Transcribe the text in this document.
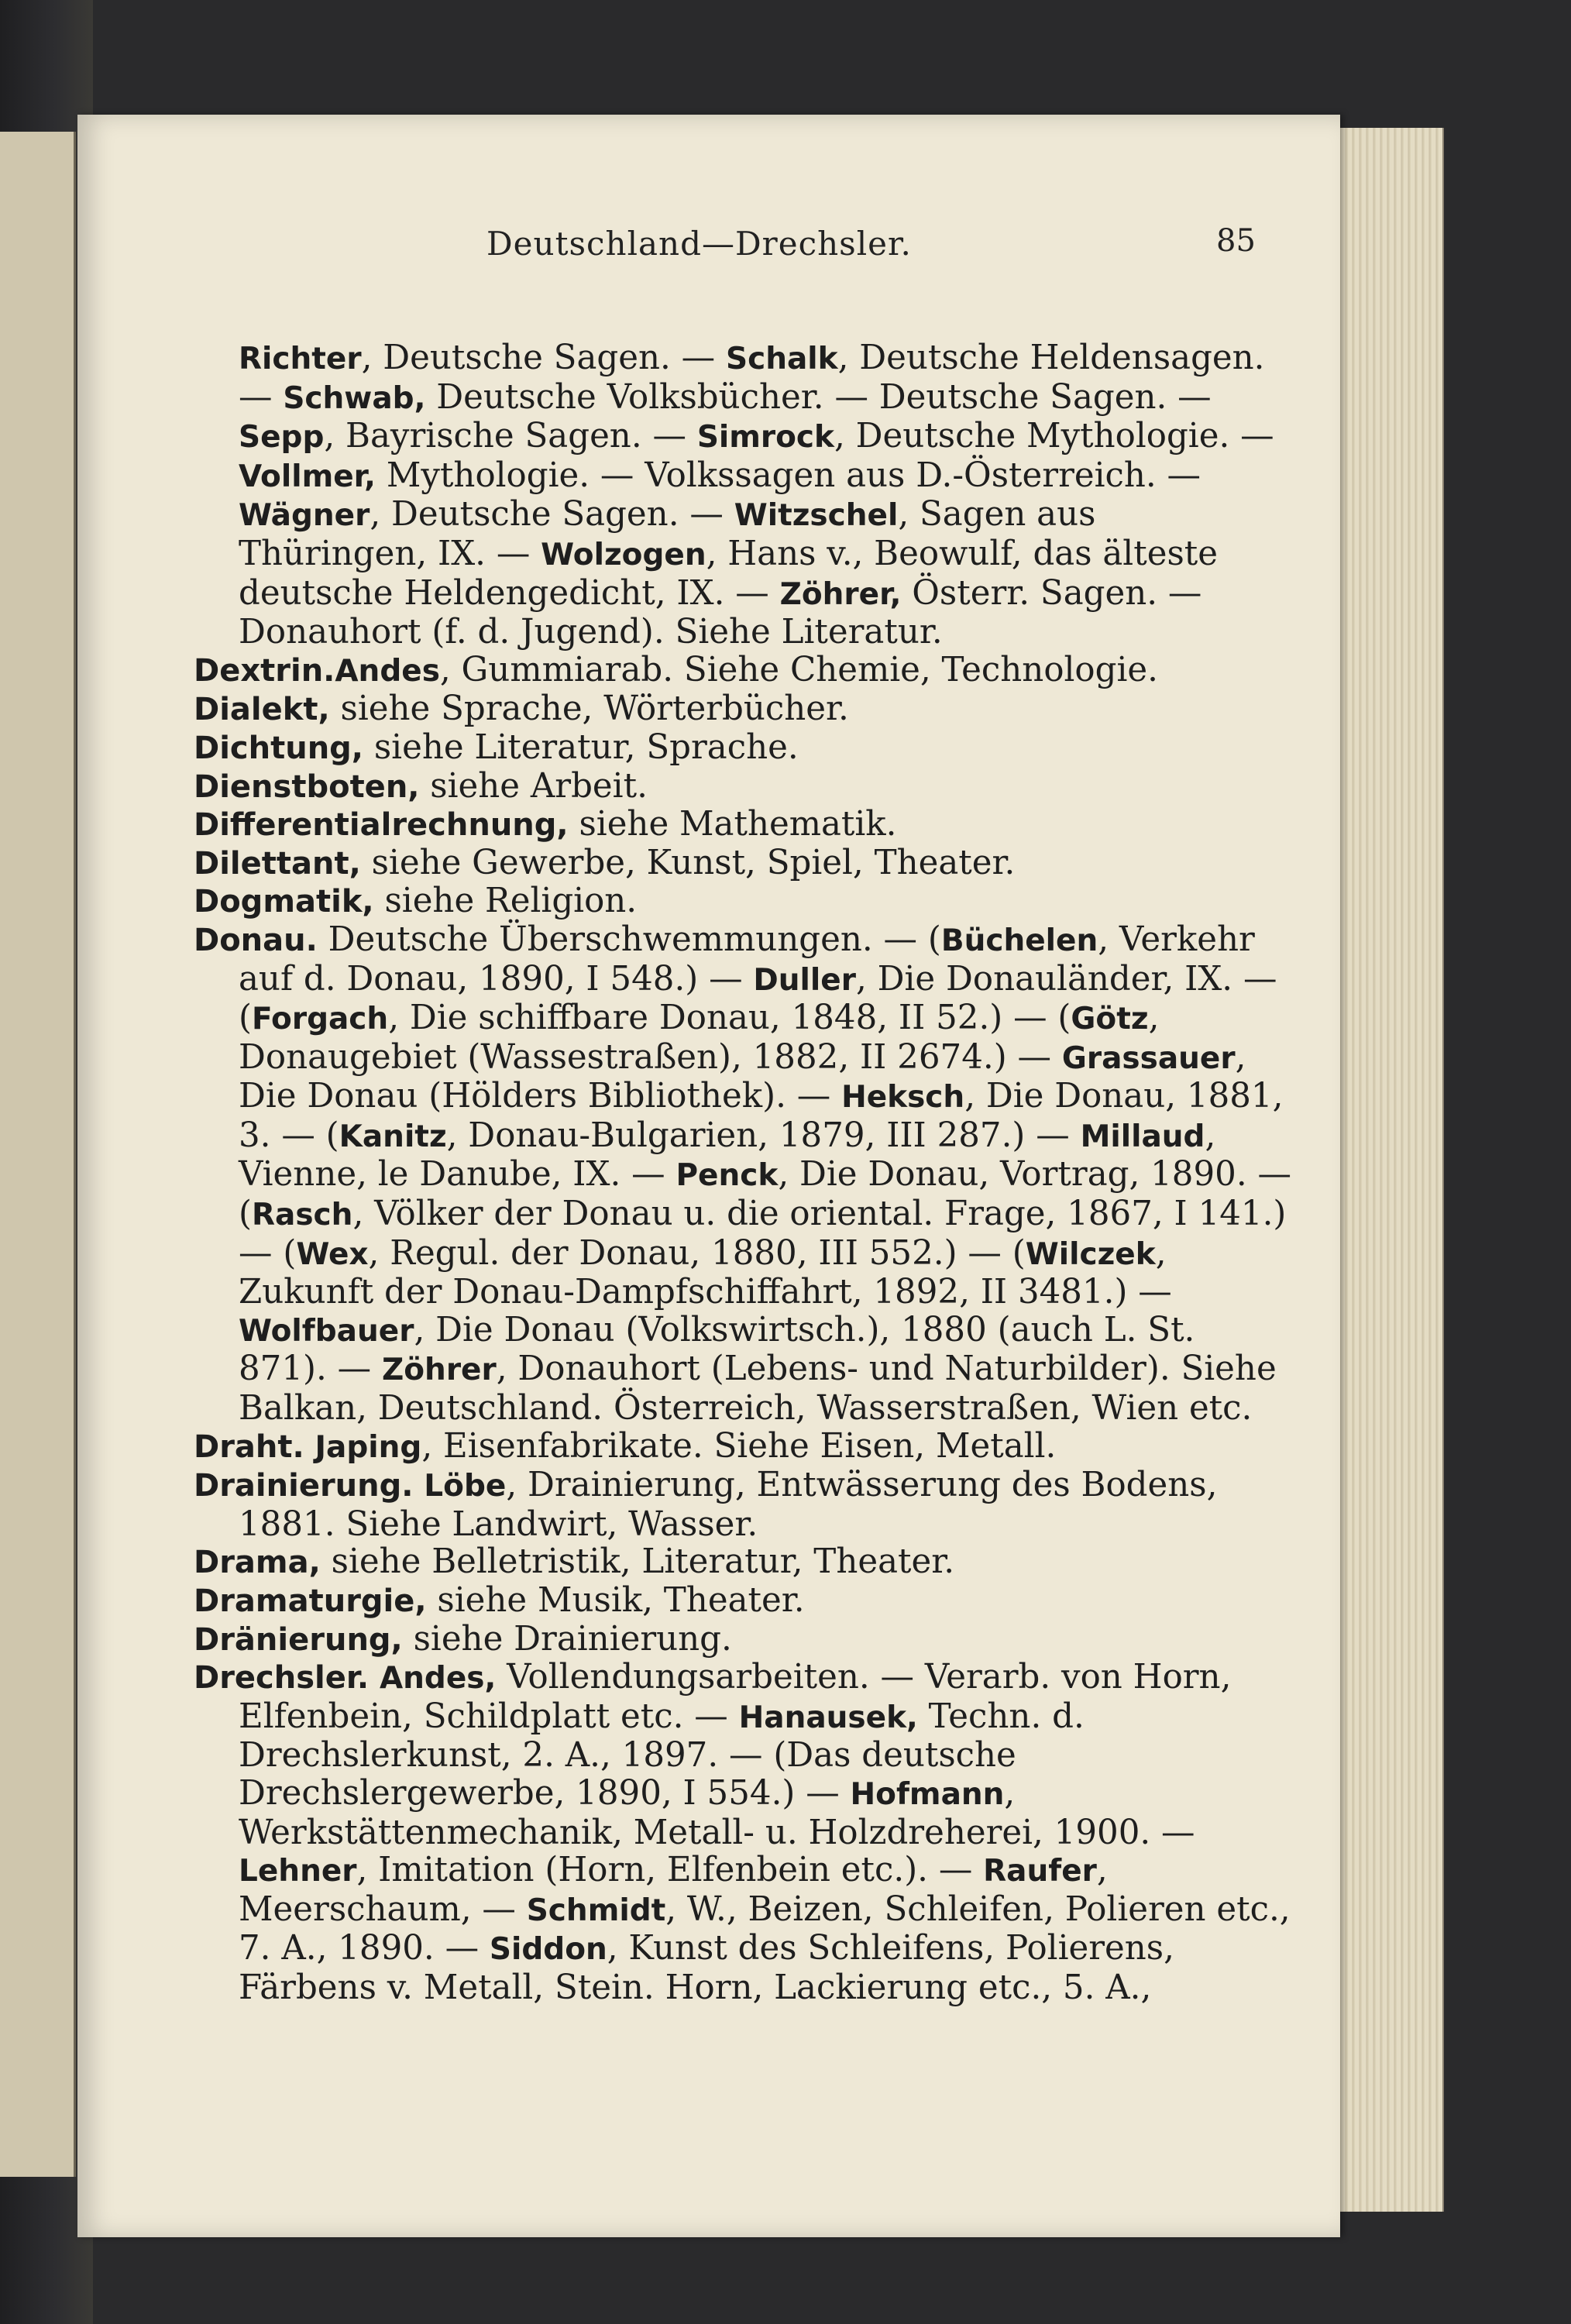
Deutschland—Drechsler.	85

Richter, Deutsche Sagen. — Schalk, Deutsche Heldensagen. — Schwab, Deutsche Volksbücher. — Deutsche Sagen. — Sepp, Bayrische Sagen. — Simrock, Deutsche Mythologie. — Vollmer, Mythologie. — Volkssagen aus D.-Österreich. — Wägner, Deutsche Sagen. — Witzschel, Sagen aus Thüringen, IX. — Wolzogen, Hans v., Beowulf, das älteste deutsche Heldengedicht, IX. — Zöhrer, Österr. Sagen. — Donauhort (f. d. Jugend). Siehe Literatur.

Dextrin.Andes, Gummiarab. Siehe Chemie, Technologie.

Dialekt, siehe Sprache, Wörterbücher.

Dichtung, siehe Literatur, Sprache.

Dienstboten, siehe Arbeit.

Differentialrechnung, siehe Mathematik.

Dilettant, siehe Gewerbe, Kunst, Spiel, Theater.

Dogmatik, siehe Religion.

Donau. Deutsche Überschwemmungen. — (Büchelen, Verkehr auf d. Donau, 1890, I 548.) — Duller, Die Donauländer, IX. — (Forgach, Die schiffbare Donau, 1848, II 52.) — (Götz, Donaugebiet (Wassestraßen), 1882, II 2674.) — Grassauer, Die Donau (Hölders Bibliothek). — Heksch, Die Donau, 1881, 3. — (Kanitz, Donau-Bulgarien, 1879, III 287.) — Millaud, Vienne, le Danube, IX. — Penck, Die Donau, Vortrag, 1890. — (Rasch, Völker der Donau u. die oriental. Frage, 1867, I 141.) — (Wex, Regul. der Donau, 1880, III 552.) — (Wilczek, Zukunft der Donau-Dampfschiffahrt, 1892, II 3481.) — Wolfbauer, Die Donau (Volkswirtsch.), 1880 (auch L. St. 871). — Zöhrer, Donauhort (Lebens- und Naturbilder). Siehe Balkan, Deutschland. Österreich, Wasserstraßen, Wien etc.

Draht. Japing, Eisenfabrikate. Siehe Eisen, Metall.

Drainierung. Löbe, Drainierung, Entwässerung des Bodens, 1881. Siehe Landwirt, Wasser.

Drama, siehe Belletristik, Literatur, Theater.

Dramaturgie, siehe Musik, Theater.

Dränierung, siehe Drainierung.

Drechsler. Andes, Vollendungsarbeiten. — Verarb. von Horn, Elfenbein, Schildplatt etc. — Hanausek, Techn. d. Drechslerkunst, 2. A., 1897. — (Das deutsche Drechslergewerbe, 1890, I 554.) — Hofmann, Werkstättenmechanik, Metall- u. Holzdreherei, 1900. — Lehner, Imitation (Horn, Elfenbein etc.). — Raufer, Meerschaum, — Schmidt, W., Beizen, Schleifen, Polieren etc., 7. A., 1890. — Siddon, Kunst des Schleifens, Polierens, Färbens v. Metall, Stein. Horn, Lackierung etc., 5. A.,
